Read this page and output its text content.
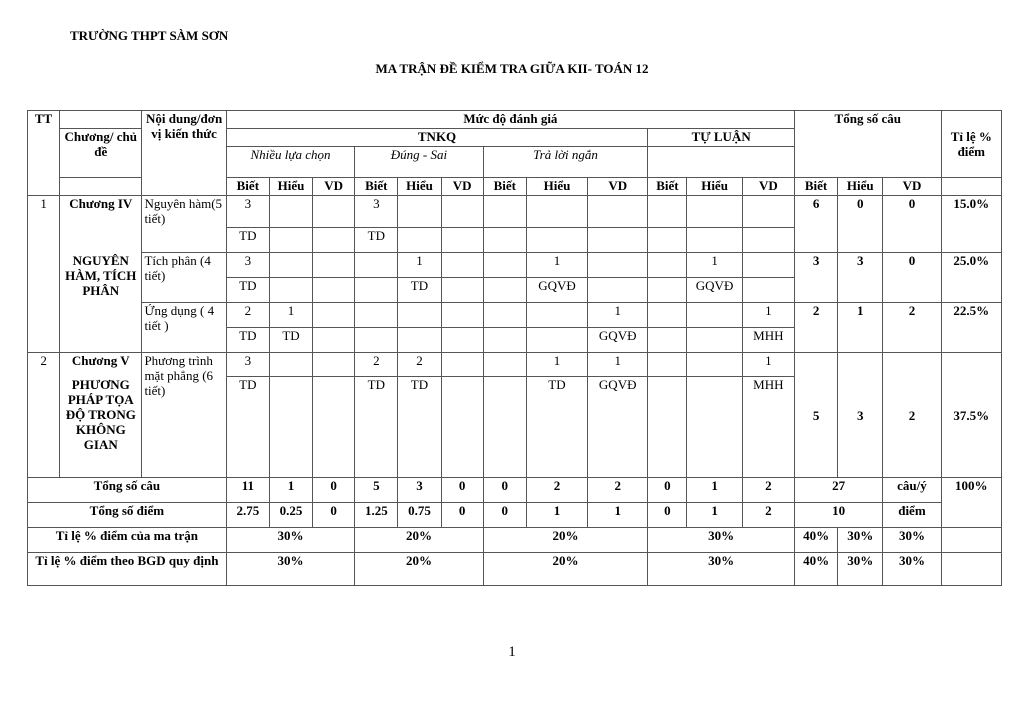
TRƯỜNG THPT SÀM SƠN
MA TRẬN ĐỀ KIỂM TRA GIỮA KII- TOÁN 12
TT		Nội dung/đơn vị kiến thức	Mức độ đánh giá												Tổng số câu			
	Chương/ chủ đề		TNKQ									TỰ LUẬN						Tỉ lệ % điểm
			Nhiều lựa chọn			Đúng - Sai			Trả lời ngắn									
			Biết	Hiểu	VD	Biết	Hiểu	VD	Biết	Hiểu	VD	Biết	Hiểu	VD	Biết	Hiểu	VD	
1	Chương IV	Nguyên hàm(5 tiết)	3			3									6	0	0	15.0%
			TD			TD												
	NGUYÊN HÀM, TÍCH PHÂN	Tích phân (4 tiết)	3				1			1			1		3	3	0	25.0%
			TD				TD			GQVĐ			GQVĐ					
		Ứng dụng ( 4 tiết )	2	1							1			1	2	1	2	22.5%
			TD	TD							GQVĐ			MHH				
2	Chương V	Phương trình mặt phẳng (6 tiết)	3			2	2			1	1			1	5	3	2	37.5%
	PHƯƠNG PHÁP TỌA ĐỘ TRONG KHÔNG GIAN		TD			TD	TD			TD	GQVĐ			MHH				
Tổng số câu			11	1	0	5	3	0	0	2	2	0	1	2	27		câu/ý	100%
Tổng số điểm			2.75	0.25	0	1.25	0.75	0	0	1	1	0	1	2	10		điểm	
Tỉ lệ % điểm của ma trận			30%			20%			20%			30%			40%	30%	30%	
Tỉ lệ % điểm theo BGD quy định			30%			20%			20%			30%			40%	30%	30%	
1
